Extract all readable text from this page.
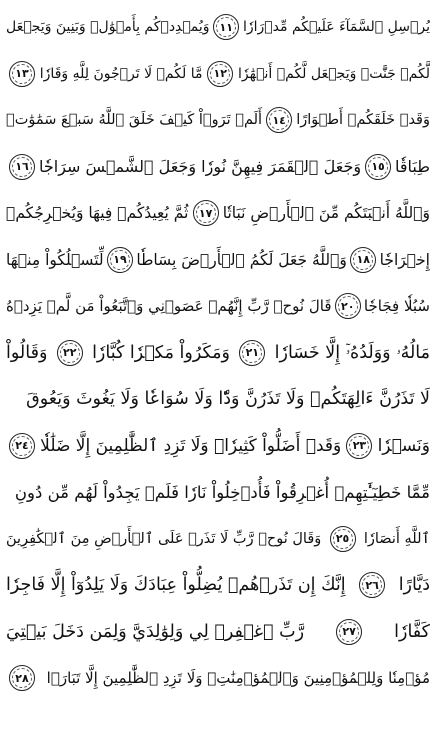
يُرۡسِلِ ٱلسَّمَآءَ عَلَيۡكُم مِّدۡرَارٗا
١١
وَيُمۡدِدۡكُم بِأَمۡوَٰلٖ وَبَنِينَ وَيَجۡعَل
لَّكُمۡ جَنَّٰتٖ وَيَجۡعَل لَّكُمۡ أَنۡهَٰرٗا
١٢
مَّا لَكُمۡ لَا تَرۡجُونَ لِلَّهِ وَقَارٗا
١٣
وَقَدۡ خَلَقَكُمۡ أَطۡوَارًا
١٤
أَلَمۡ تَرَوۡاْ كَيۡفَ خَلَقَ ٱللَّهُ سَبۡعَ سَمَٰوَٰتٖ
طِبَاقٗا
١٥
وَجَعَلَ ٱلۡقَمَرَ فِيهِنَّ نُورٗا وَجَعَلَ ٱلشَّمۡسَ سِرَاجٗا
١٦
وَٱللَّهُ أَنۢبَتَكُم مِّنَ ٱلۡأَرۡضِ نَبَاتٗا
١٧
ثُمَّ يُعِيدُكُمۡ فِيهَا وَيُخۡرِجُكُمۡ
إِخۡرَاجٗا
١٨
وَٱللَّهُ جَعَلَ لَكُمُ ٱلۡأَرۡضَ بِسَاطٗا
١٩
لِّتَسۡلُكُواْ مِنۡهَا
سُبُلٗا فِجَاجٗا
٢٠
قَالَ نُوحٞ رَّبِّ إِنَّهُمۡ عَصَوۡنِي وَٱتَّبَعُواْ مَن لَّمۡ يَزِدۡهُ
مَالُهُۥ وَوَلَدُهُۥٓ إِلَّا خَسَارٗا
٢١
وَمَكَرُواْ مَكۡرٗا كُبَّارٗا
٢٢
وَقَالُواْ
لَا تَذَرُنَّ ءَالِهَتَكُمۡ وَلَا تَذَرُنَّ وَدّٗا وَلَا سُوَاعٗا وَلَا يَغُوثَ وَيَعُوقَ
وَنَسۡرٗا
٢٣
وَقَدۡ أَضَلُّواْ كَثِيرٗاۖ وَلَا تَزِدِ ٱلظَّٰلِمِينَ إِلَّا ضَلَٰلٗا
٢٤
مِّمَّا خَطِيٓـَٰٔتِهِمۡ أُغۡرِقُواْ فَأُدۡخِلُواْ نَارٗا فَلَمۡ يَجِدُواْ لَهُم مِّن دُونِ
ٱللَّهِ أَنصَارٗا
٢٥
وَقَالَ نُوحٞ رَّبِّ لَا تَذَرۡ عَلَى ٱلۡأَرۡضِ مِنَ ٱلۡكَٰفِرِينَ
دَيَّارًا
٢٦
إِنَّكَ إِن تَذَرۡهُمۡ يُضِلُّواْ عِبَادَكَ وَلَا يَلِدُوٓاْ إِلَّا فَاجِرٗا
كَفَّارٗا
٢٧
رَّبِّ ٱغۡفِرۡ لِي وَلِوَٰلِدَيَّ وَلِمَن دَخَلَ بَيۡتِيَ
مُؤۡمِنٗا وَلِلۡمُؤۡمِنِينَ وَٱلۡمُؤۡمِنَٰتِۖ وَلَا تَزِدِ ٱلظَّٰلِمِينَ إِلَّا تَبَارَۢا
٢٨
